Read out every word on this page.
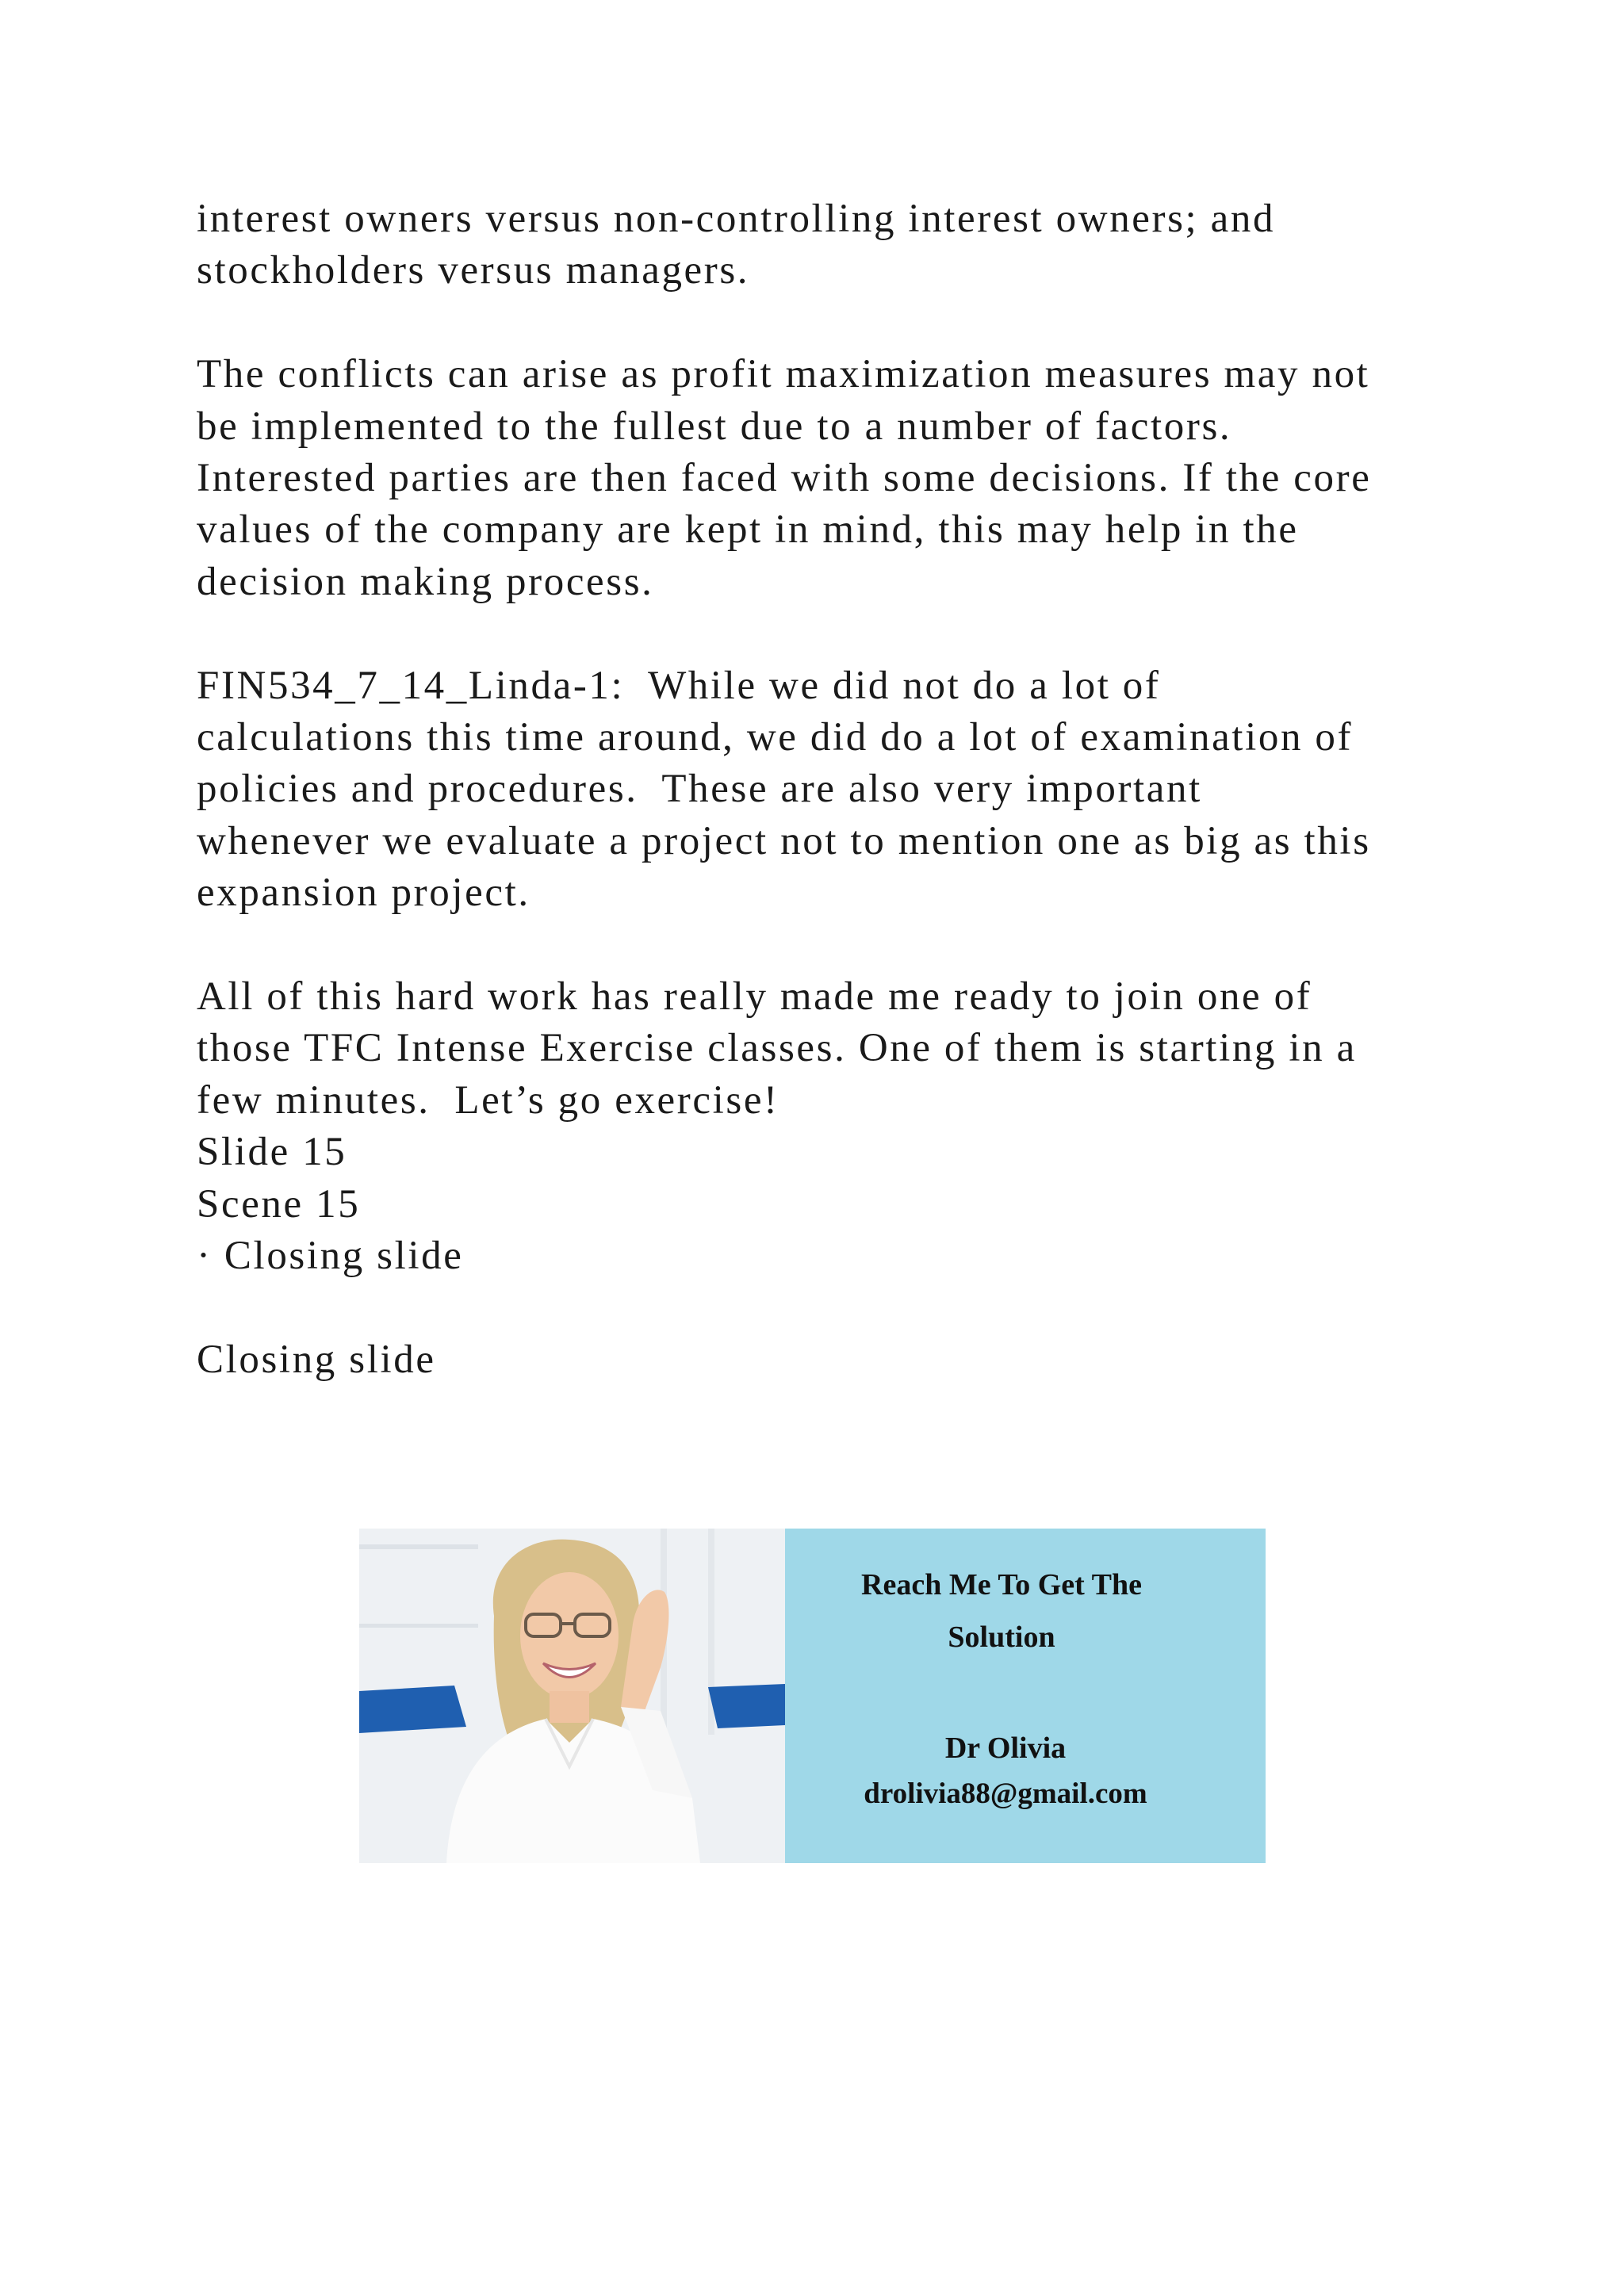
interest owners versus non-controlling interest owners; and
stockholders versus managers.

The conflicts can arise as profit maximization measures may not
be implemented to the fullest due to a number of factors.
Interested parties are then faced with some decisions. If the core
values of the company are kept in mind, this may help in the
decision making process.

FIN534_7_14_Linda-1:  While we did not do a lot of
calculations this time around, we did do a lot of examination of
policies and procedures.  These are also very important
whenever we evaluate a project not to mention one as big as this
expansion project.

All of this hard work has really made me ready to join one of
those TFC Intense Exercise classes. One of them is starting in a
few minutes.  Let’s go exercise!
Slide 15
Scene 15
· Closing slide

Closing slide

Reach Me To Get The
Solution
Dr Olivia
drolivia88@gmail.com
